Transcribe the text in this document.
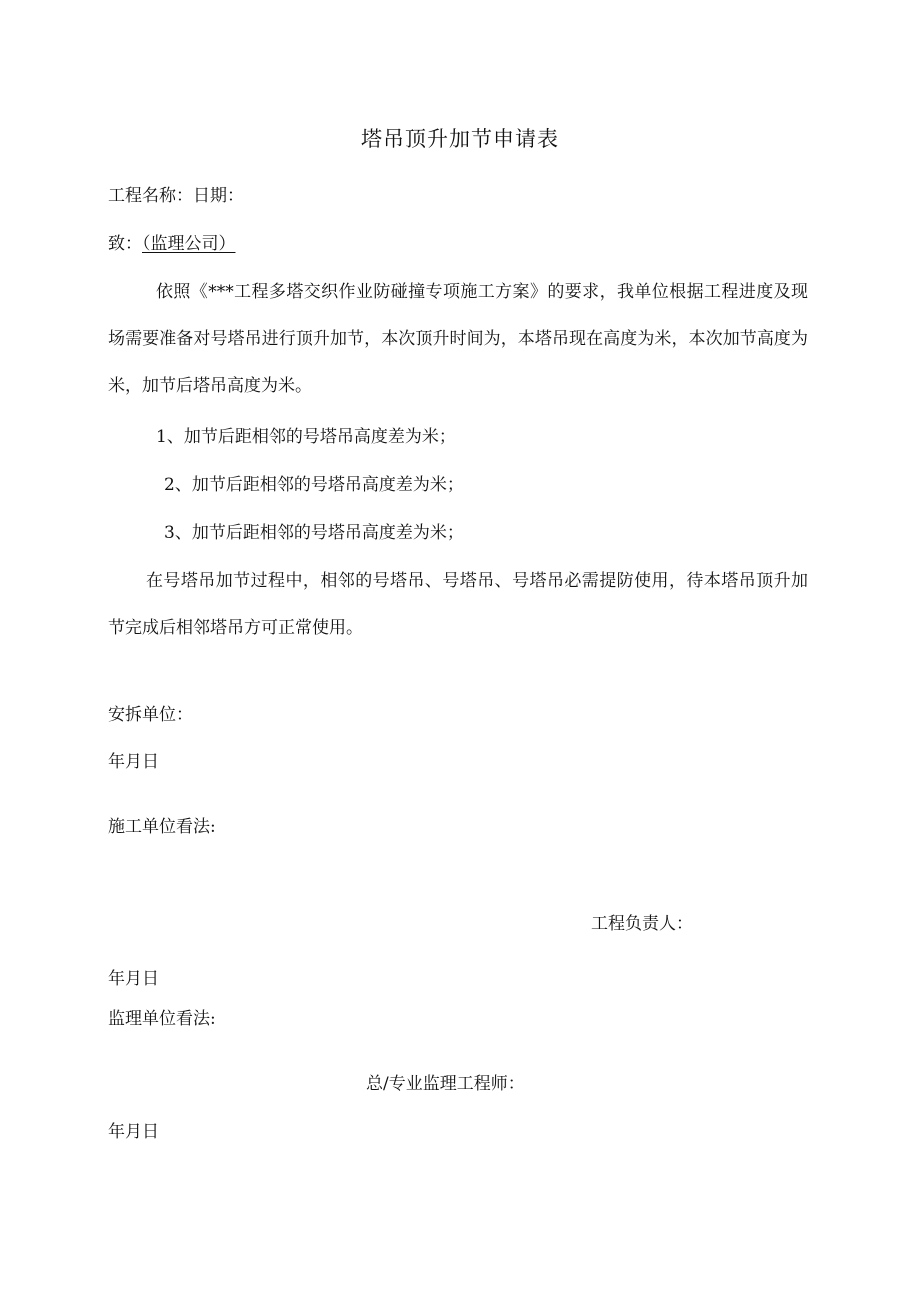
塔吊顶升加节申请表
工程名称：日期：
致：（监理公司）
依照《***工程多塔交织作业防碰撞专项施工方案》的要求，我单位根据工程进度及现场需要准备对号塔吊进行顶升加节，本次顶升时间为，本塔吊现在高度为米，本次加节高度为米，加节后塔吊高度为米。
1、加节后距相邻的号塔吊高度差为米；
2、加节后距相邻的号塔吊高度差为米；
3、加节后距相邻的号塔吊高度差为米；
在号塔吊加节过程中，相邻的号塔吊、号塔吊、号塔吊必需提防使用，待本塔吊顶升加节完成后相邻塔吊方可正常使用。
安拆单位：
年月日
施工单位看法:
工程负责人：
年月日
监理单位看法:
总/专业监理工程师：
年月日
